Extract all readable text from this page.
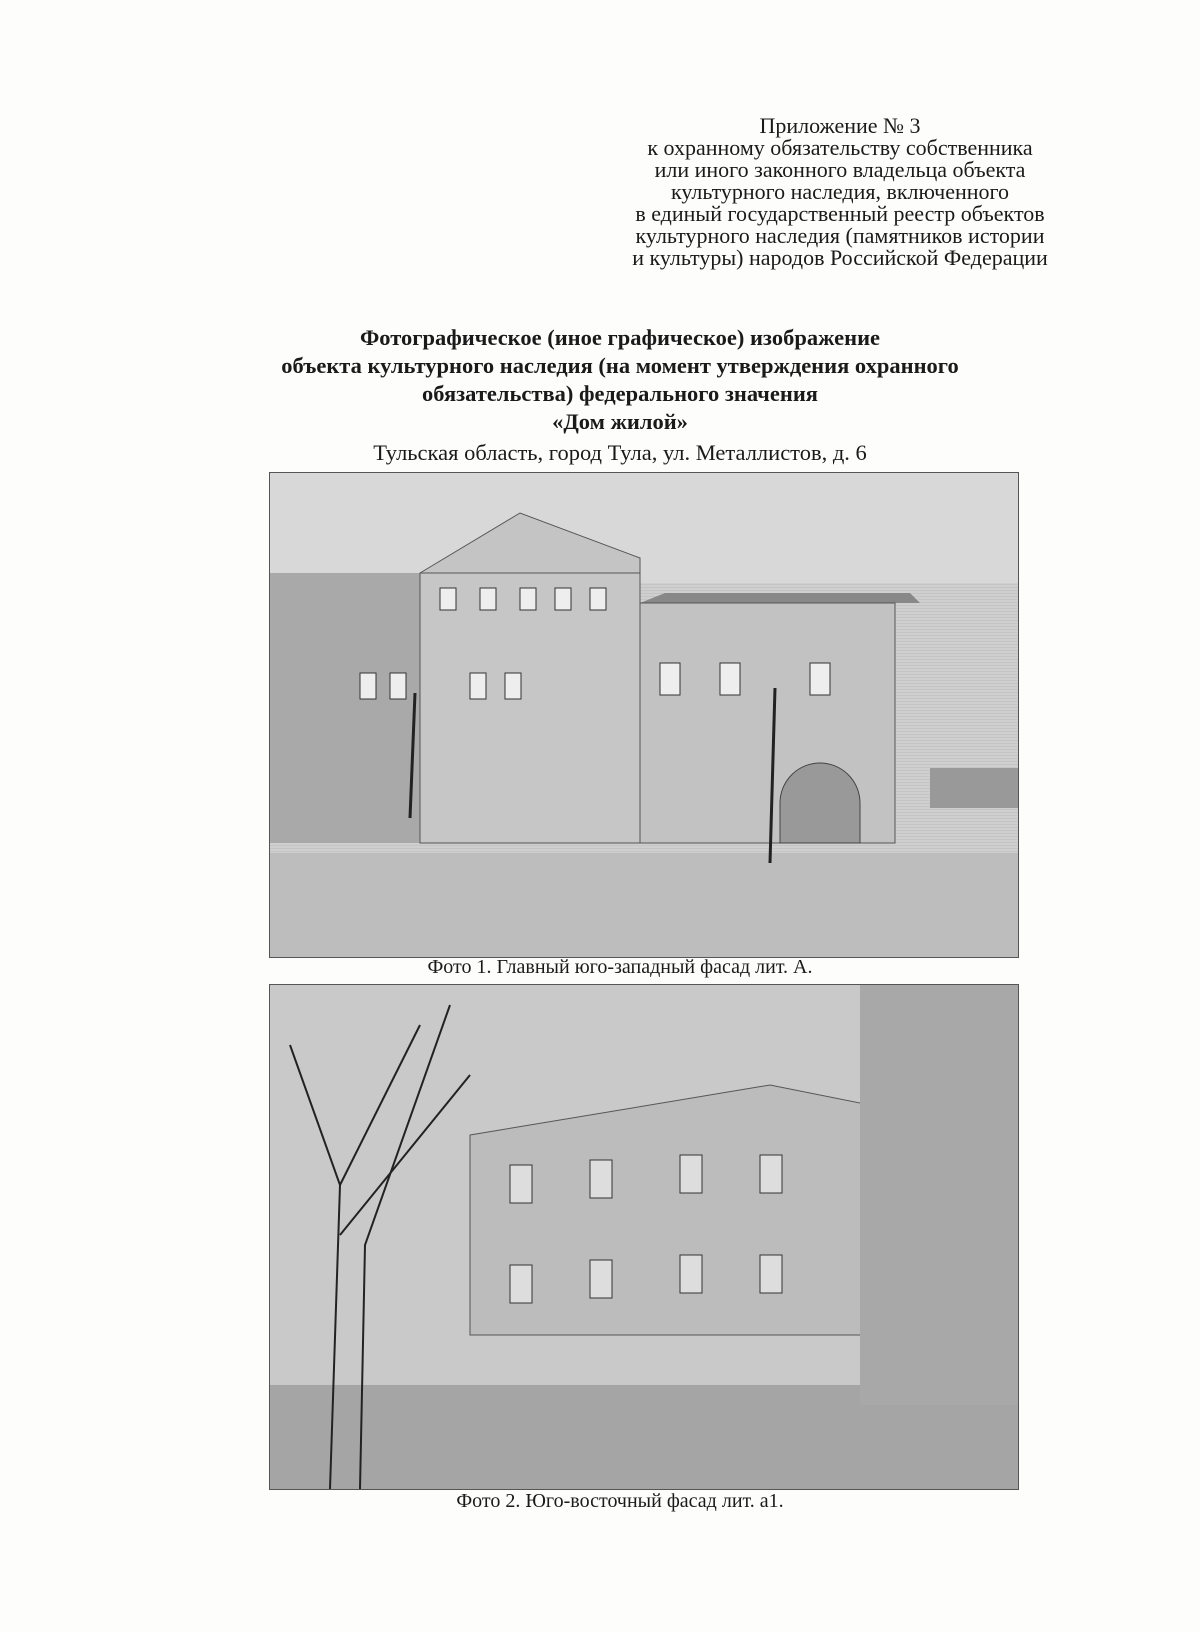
Приложение № 3
к охранному обязательству собственника
или иного законного владельца объекта
культурного наследия, включенного
в единый государственный реестр объектов
культурного наследия (памятников истории
и культуры) народов Российской Федерации
Фотографическое (иное графическое) изображение
объекта культурного наследия (на момент утверждения охранного
обязательства) федерального значения
«Дом жилой»
Тульская область, город Тула, ул. Металлистов, д. 6
Фото 1. Главный юго-западный фасад лит. А.
Фото 2. Юго-восточный фасад лит. а1.
